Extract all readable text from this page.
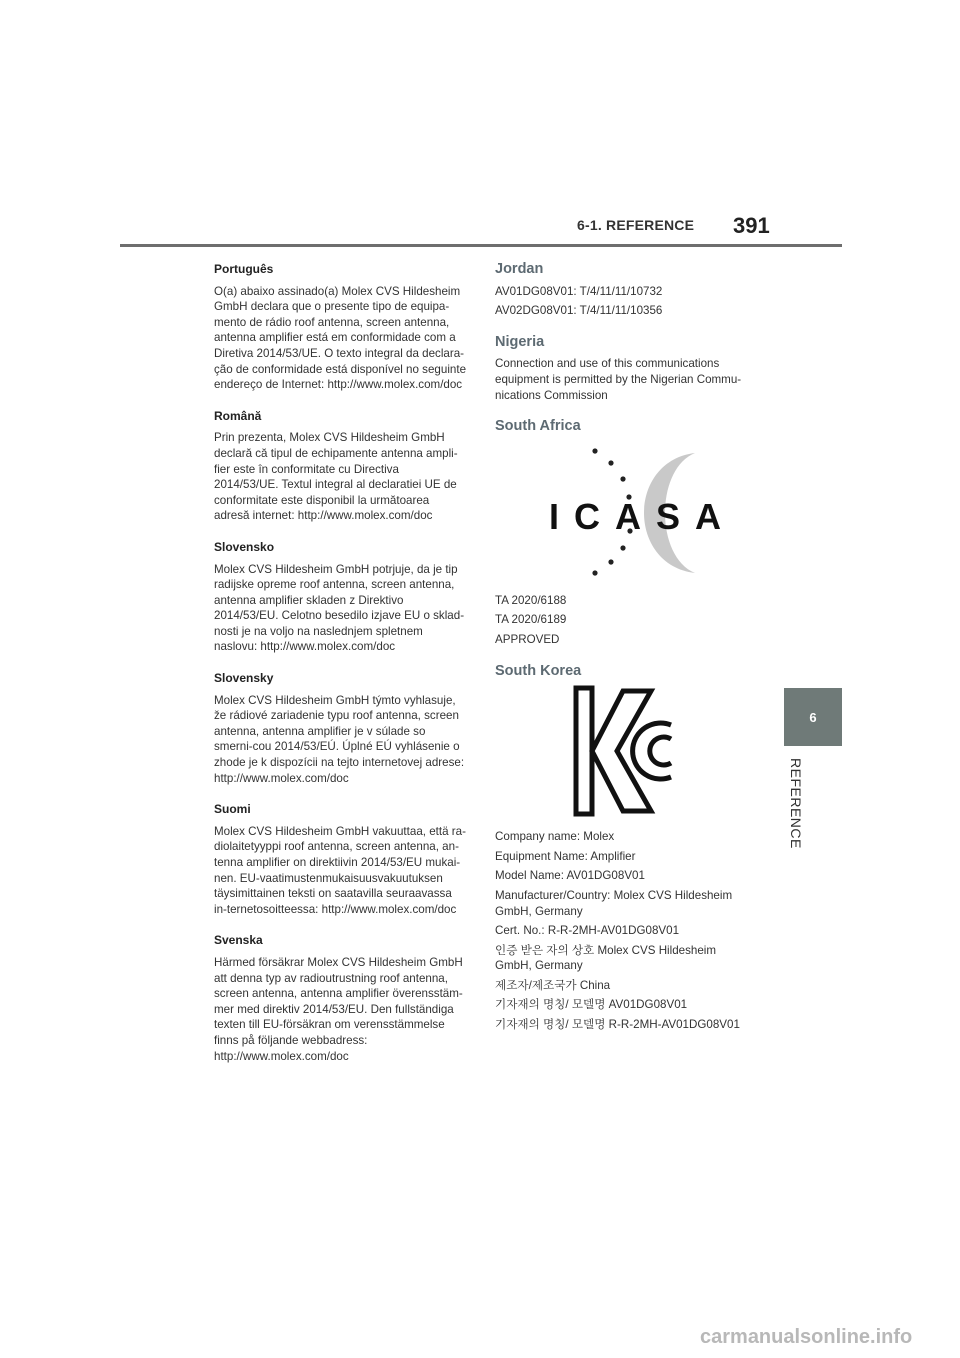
6-1. REFERENCE 391
Português

O(a) abaixo assinado(a) Molex CVS Hildesheim GmbH declara que o presente tipo de equipa-mento de rádio roof antenna, screen antenna, antenna amplifier está em conformidade com a Diretiva 2014/53/UE. O texto integral da declara-ção de conformidade está disponível no seguinte endereço de Internet: http://www.molex.com/doc

Română

Prin prezenta, Molex CVS Hildesheim GmbH declară că tipul de echipamente antenna ampli-fier este în conformitate cu Directiva 2014/53/UE. Textul integral al declaratiei UE de conformitate este disponibil la următoarea adresă internet: http://www.molex.com/doc

Slovensko

Molex CVS Hildesheim GmbH potrjuje, da je tip radijske opreme roof antenna, screen antenna, antenna amplifier skladen z Direktivo 2014/53/EU. Celotno besedilo izjave EU o sklad-nosti je na voljo na naslednjem spletnem naslovu: http://www.molex.com/doc

Slovensky

Molex CVS Hildesheim GmbH týmto vyhlasuje, že rádiové zariadenie typu roof antenna, screen antenna, antenna amplifier je v súlade so smerni-cou 2014/53/EÚ. Úplné EÚ vyhlásenie o zhode je k dispozícii na tejto internetovej adrese: http://www.molex.com/doc

Suomi

Molex CVS Hildesheim GmbH vakuuttaa, että ra-diolaitetyyppi roof antenna, screen antenna, an-tenna amplifier on direktiivin 2014/53/EU mukai-nen. EU-vaatimustenmukaisuusvakuutuksen täysimittainen teksti on saatavilla seuraavassa in-ternetosoitteessa: http://www.molex.com/doc

Svenska

Härmed försäkrar Molex CVS Hildesheim GmbH att denna typ av radioutrustning roof antenna, screen antenna, antenna amplifier överensstäm-mer med direktiv 2014/53/EU. Den fullständiga texten till EU-försäkran om verensstämmelse finns på följande webbadress: http://www.molex.com/doc

Jordan

AV01DG08V01: T/4/11/11/10732

AV02DG08V01: T/4/11/11/10356

Nigeria

Connection and use of this communications equipment is permitted by the Nigerian Commu-nications Commission

South Africa
ICASA

TA 2020/6188

TA 2020/6189

APPROVED

South Korea

Company name: Molex

Equipment Name: Amplifier

Model Name: AV01DG08V01

Manufacturer/Country: Molex CVS Hildesheim GmbH, Germany

Cert. No.: R-R-2MH-AV01DG08V01

인증 받은 자의 상호 Molex CVS Hildesheim GmbH, Germany

제조자/제조국가 China

기자재의 명칭/ 모델명 AV01DG08V01

기자재의 명칭/ 모델명 R-R-2MH-AV01DG08V01

6
REFERENCE
carmanualsonline.info
